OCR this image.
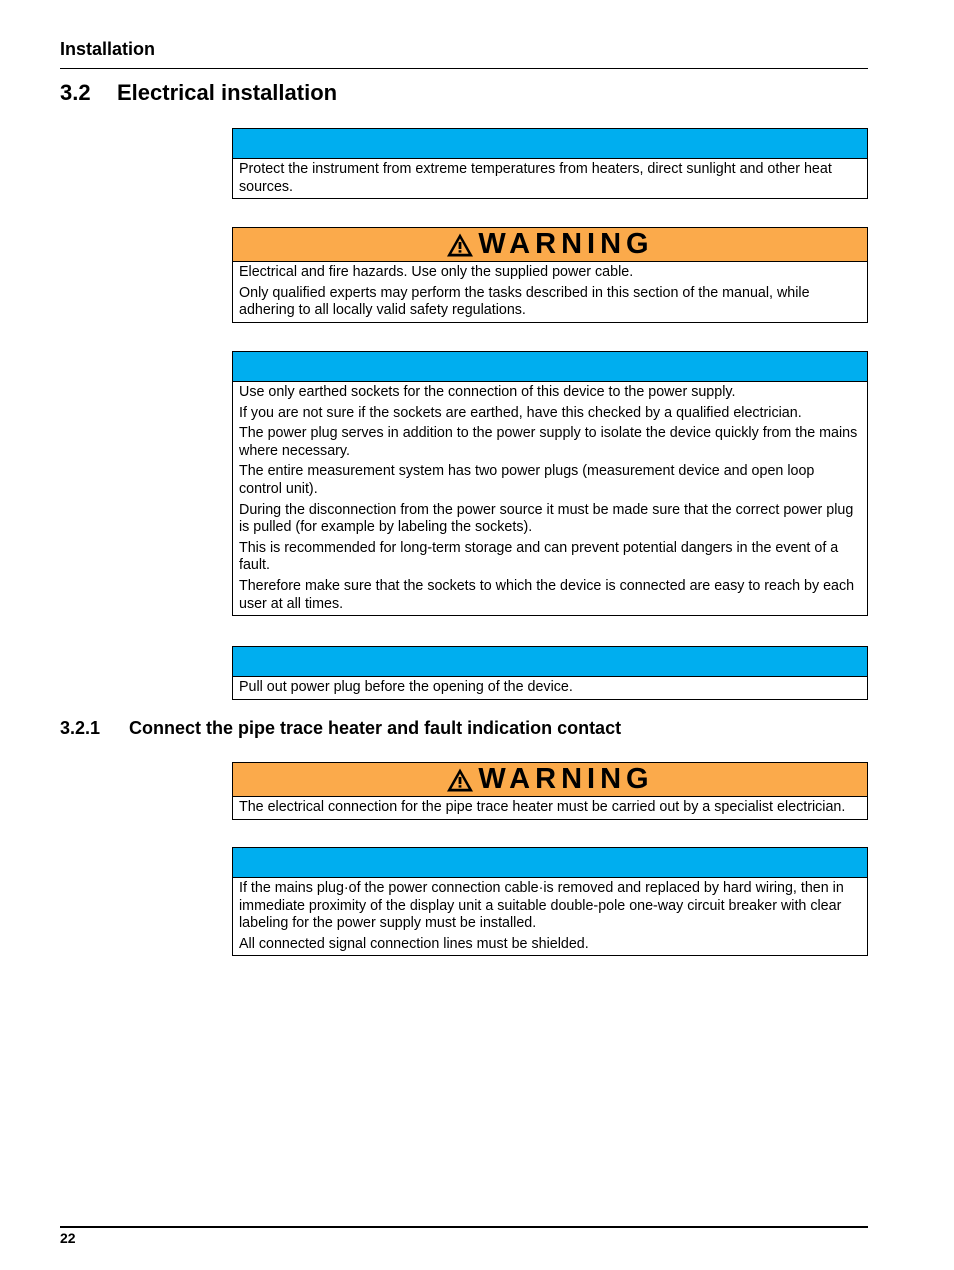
Installation
3.2 Electrical installation

Protect the instrument from extreme temperatures from heaters, direct sunlight and other heat sources.

WARNING

Electrical and fire hazards. Use only the supplied power cable.

Only qualified experts may perform the tasks described in this section of the manual, while adhering to all locally valid safety regulations.

Use only earthed sockets for the connection of this device to the power supply.

If you are not sure if the sockets are earthed, have this checked by a qualified electrician.

The power plug serves in addition to the power supply to isolate the device quickly from the mains where necessary.

The entire measurement system has two power plugs (measurement device and open loop control unit).

During the disconnection from the power source it must be made sure that the correct power plug is pulled (for example by labeling the sockets).

This is recommended for long-term storage and can prevent potential dangers in the event of a fault.

Therefore make sure that the sockets to which the device is connected are easy to reach by each user at all times.

Pull out power plug before the opening of the device.

3.2.1 Connect the pipe trace heater and fault indication contact
WARNING

The electrical connection for the pipe trace heater must be carried out by a specialist electrician.

If the mains plug·of the power connection cable·is removed and replaced by hard wiring, then in immediate proximity of the display unit a suitable double-pole one-way circuit breaker with clear labeling for the power supply must be installed.

All connected signal connection lines must be shielded.

22
